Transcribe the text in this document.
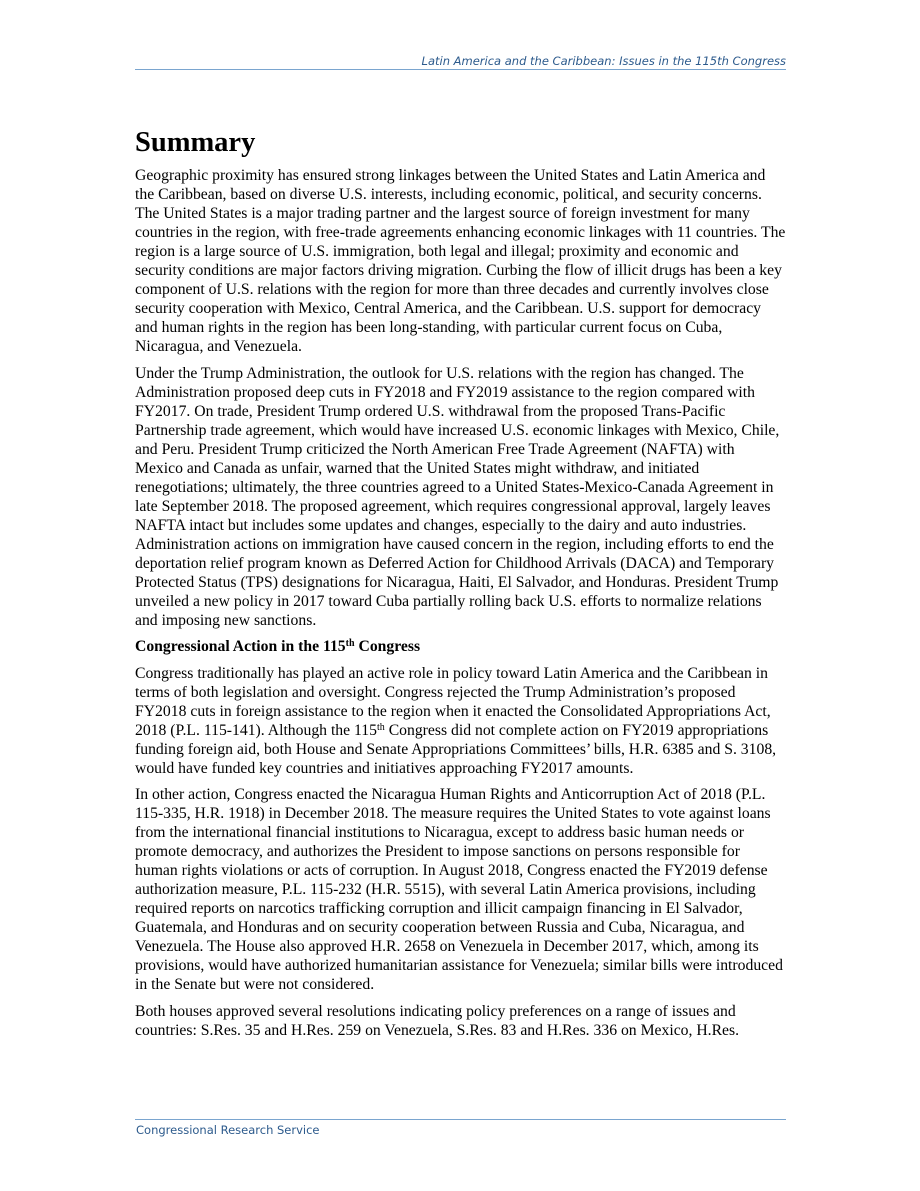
Latin America and the Caribbean: Issues in the 115th Congress
Summary

Geographic proximity has ensured strong linkages between the United States and Latin America and the Caribbean, based on diverse U.S. interests, including economic, political, and security concerns. The United States is a major trading partner and the largest source of foreign investment for many countries in the region, with free-trade agreements enhancing economic linkages with 11 countries. The region is a large source of U.S. immigration, both legal and illegal; proximity and economic and security conditions are major factors driving migration. Curbing the flow of illicit drugs has been a key component of U.S. relations with the region for more than three decades and currently involves close security cooperation with Mexico, Central America, and the Caribbean. U.S. support for democracy and human rights in the region has been long-standing, with particular current focus on Cuba, Nicaragua, and Venezuela.

Under the Trump Administration, the outlook for U.S. relations with the region has changed. The Administration proposed deep cuts in FY2018 and FY2019 assistance to the region compared with FY2017. On trade, President Trump ordered U.S. withdrawal from the proposed Trans-Pacific Partnership trade agreement, which would have increased U.S. economic linkages with Mexico, Chile, and Peru. President Trump criticized the North American Free Trade Agreement (NAFTA) with Mexico and Canada as unfair, warned that the United States might withdraw, and initiated renegotiations; ultimately, the three countries agreed to a United States-Mexico-Canada Agreement in late September 2018. The proposed agreement, which requires congressional approval, largely leaves NAFTA intact but includes some updates and changes, especially to the dairy and auto industries. Administration actions on immigration have caused concern in the region, including efforts to end the deportation relief program known as Deferred Action for Childhood Arrivals (DACA) and Temporary Protected Status (TPS) designations for Nicaragua, Haiti, El Salvador, and Honduras. President Trump unveiled a new policy in 2017 toward Cuba partially rolling back U.S. efforts to normalize relations and imposing new sanctions.

Congressional Action in the 115th Congress

Congress traditionally has played an active role in policy toward Latin America and the Caribbean in terms of both legislation and oversight. Congress rejected the Trump Administration’s proposed FY2018 cuts in foreign assistance to the region when it enacted the Consolidated Appropriations Act, 2018 (P.L. 115-141). Although the 115th Congress did not complete action on FY2019 appropriations funding foreign aid, both House and Senate Appropriations Committees’ bills, H.R. 6385 and S. 3108, would have funded key countries and initiatives approaching FY2017 amounts.

In other action, Congress enacted the Nicaragua Human Rights and Anticorruption Act of 2018 (P.L. 115-335, H.R. 1918) in December 2018. The measure requires the United States to vote against loans from the international financial institutions to Nicaragua, except to address basic human needs or promote democracy, and authorizes the President to impose sanctions on persons responsible for human rights violations or acts of corruption. In August 2018, Congress enacted the FY2019 defense authorization measure, P.L. 115-232 (H.R. 5515), with several Latin America provisions, including required reports on narcotics trafficking corruption and illicit campaign financing in El Salvador, Guatemala, and Honduras and on security cooperation between Russia and Cuba, Nicaragua, and Venezuela. The House also approved H.R. 2658 on Venezuela in December 2017, which, among its provisions, would have authorized humanitarian assistance for Venezuela; similar bills were introduced in the Senate but were not considered.

Both houses approved several resolutions indicating policy preferences on a range of issues and countries: S.Res. 35 and H.Res. 259 on Venezuela, S.Res. 83 and H.Res. 336 on Mexico, H.Res.

Congressional Research Service
